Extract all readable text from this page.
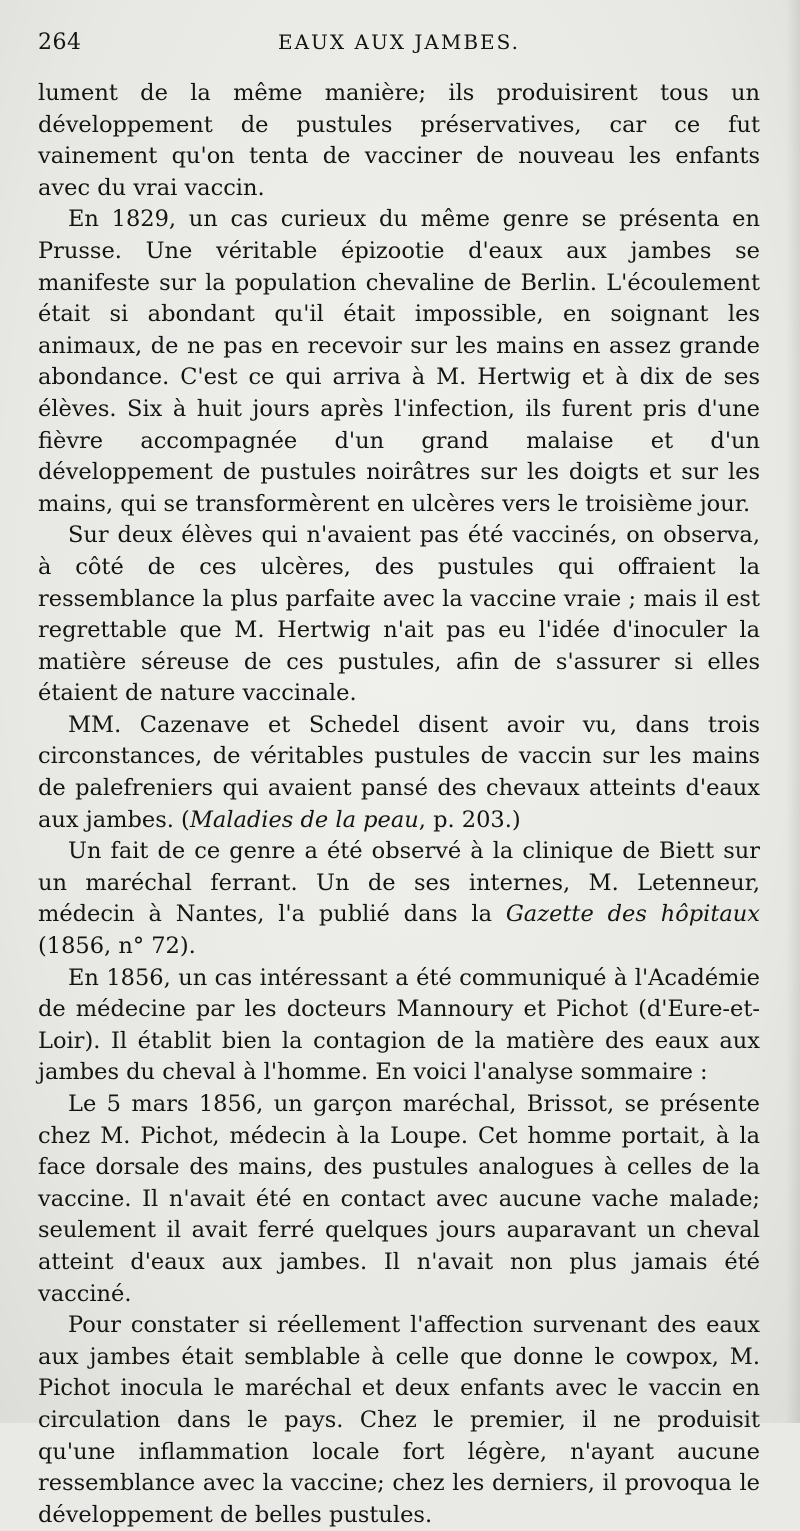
264	EAUX AUX JAMBES.

lument de la même manière; ils produisirent tous un développement de pustules préservatives, car ce fut vainement qu'on tenta de vacciner de nouveau les enfants avec du vrai vaccin.

En 1829, un cas curieux du même genre se présenta en Prusse. Une véritable épizootie d'eaux aux jambes se manifeste sur la population chevaline de Berlin. L'écoulement était si abondant qu'il était impossible, en soignant les animaux, de ne pas en recevoir sur les mains en assez grande abondance. C'est ce qui arriva à M. Hertwig et à dix de ses élèves. Six à huit jours après l'infection, ils furent pris d'une fièvre accompagnée d'un grand malaise et d'un développement de pustules noirâtres sur les doigts et sur les mains, qui se transformèrent en ulcères vers le troisième jour.

Sur deux élèves qui n'avaient pas été vaccinés, on observa, à côté de ces ulcères, des pustules qui offraient la ressemblance la plus parfaite avec la vaccine vraie ; mais il est regrettable que M. Hertwig n'ait pas eu l'idée d'inoculer la matière séreuse de ces pustules, afin de s'assurer si elles étaient de nature vaccinale.

MM. Cazenave et Schedel disent avoir vu, dans trois circonstances, de véritables pustules de vaccin sur les mains de palefreniers qui avaient pansé des chevaux atteints d'eaux aux jambes. (Maladies de la peau, p. 203.)

Un fait de ce genre a été observé à la clinique de Biett sur un maréchal ferrant. Un de ses internes, M. Letenneur, médecin à Nantes, l'a publié dans la Gazette des hôpitaux (1856, n° 72).

En 1856, un cas intéressant a été communiqué à l'Académie de médecine par les docteurs Mannoury et Pichot (d'Eure-et-Loir). Il établit bien la contagion de la matière des eaux aux jambes du cheval à l'homme. En voici l'analyse sommaire :

Le 5 mars 1856, un garçon maréchal, Brissot, se présente chez M. Pichot, médecin à la Loupe. Cet homme portait, à la face dorsale des mains, des pustules analogues à celles de la vaccine. Il n'avait été en contact avec aucune vache malade; seulement il avait ferré quelques jours auparavant un cheval atteint d'eaux aux jambes. Il n'avait non plus jamais été vacciné.

Pour constater si réellement l'affection survenant des eaux aux jambes était semblable à celle que donne le cowpox, M. Pichot inocula le maréchal et deux enfants avec le vaccin en circulation dans le pays. Chez le premier, il ne produisit qu'une inflammation locale fort légère, n'ayant aucune ressemblance avec la vaccine; chez les derniers, il provoqua le développement de belles pustules.
